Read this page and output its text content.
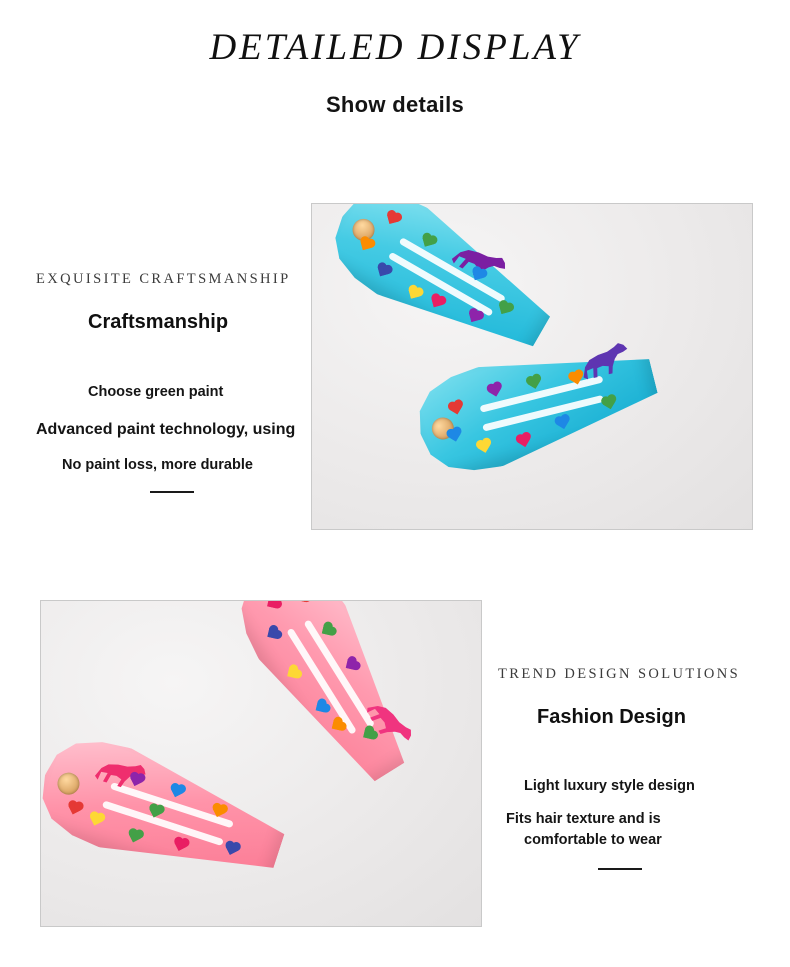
DETAILED DISPLAY
Show details
EXQUISITE CRAFTSMANSHIP
Craftsmanship
Choose green paint
Advanced paint technology, using
No paint loss, more durable
TREND DESIGN SOLUTIONS
Fashion Design
Light luxury style design
Fits hair texture and is
comfortable to wear
